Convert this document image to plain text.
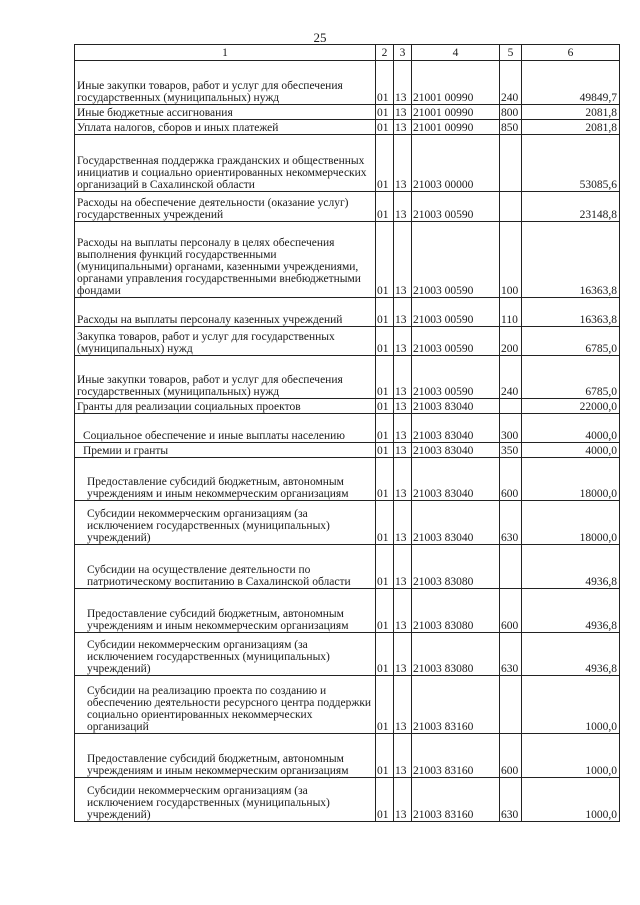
25
1	2	3	4	5	6
Иные закупки товаров, работ и услуг для обеспечения государственных (муниципальных) нужд	01	13	21001 00990	240	49849,7
Иные бюджетные ассигнования	01	13	21001 00990	800	2081,8
Уплата налогов, сборов и иных платежей	01	13	21001 00990	850	2081,8
Государственная поддержка гражданских и общественных инициатив и социально ориентированных некоммерческих организаций в Сахалинской области	01	13	21003 00000		53085,6
Расходы на обеспечение деятельности (оказание услуг) государственных учреждений	01	13	21003 00590		23148,8
Расходы на выплаты персоналу в целях обеспечения выполнения функций государственными (муниципальными) органами, казенными учреждениями, органами управления государственными внебюджетными фондами	01	13	21003 00590	100	16363,8
Расходы на выплаты персоналу казенных учреждений	01	13	21003 00590	110	16363,8
Закупка товаров, работ и услуг для государственных (муниципальных) нужд	01	13	21003 00590	200	6785,0
Иные закупки товаров, работ и услуг для обеспечения государственных (муниципальных) нужд	01	13	21003 00590	240	6785,0
Гранты для реализации социальных проектов	01	13	21003 83040		22000,0
Социальное обеспечение и иные выплаты населению	01	13	21003 83040	300	4000,0
Премии и гранты	01	13	21003 83040	350	4000,0
Предоставление субсидий бюджетным, автономным учреждениям и иным некоммерческим организациям	01	13	21003 83040	600	18000,0
Субсидии некоммерческим организациям (за исключением государственных (муниципальных) учреждений)	01	13	21003 83040	630	18000,0
Субсидии на осуществление деятельности по патриотическому воспитанию в Сахалинской области	01	13	21003 83080		4936,8
Предоставление субсидий бюджетным, автономным учреждениям и иным некоммерческим организациям	01	13	21003 83080	600	4936,8
Субсидии некоммерческим организациям (за исключением государственных (муниципальных) учреждений)	01	13	21003 83080	630	4936,8
Субсидии на реализацию проекта по созданию и обеспечению деятельности ресурсного центра поддержки социально ориентированных некоммерческих организаций	01	13	21003 83160		1000,0
Предоставление субсидий бюджетным, автономным учреждениям и иным некоммерческим организациям	01	13	21003 83160	600	1000,0
Субсидии некоммерческим организациям (за исключением государственных (муниципальных) учреждений)	01	13	21003 83160	630	1000,0
